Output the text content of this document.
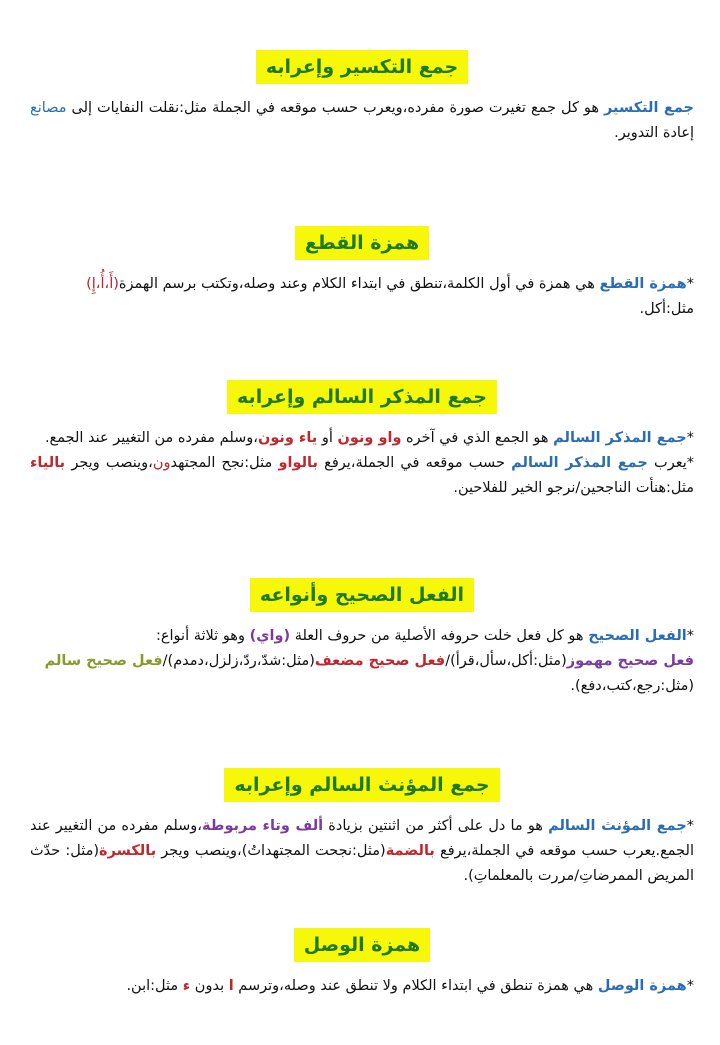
جمع التكسير وإعرابه

جمع التكسير هو كل جمع تغيرت صورة مفرده،ويعرب حسب موقعه في الجملة مثل:نقلت النفايات إلى مصانع إعادة التدوير.

همزة القطع

*همزة القطع هي همزة في أول الكلمة،تنطق في ابتداء الكلام وعند وصله،وتكتب برسم الهمزة(أَ،أُ،إِ)

مثل:أكل.

جمع المذكر السالم وإعرابه

*جمع المذكر السالم هو الجمع الذي في آخره واو ونون أو ياء ونون،وسلم مفرده من التغيير عند الجمع.

*يعرب جمع المذكر السالم حسب موقعه في الجملة،يرفع بالواو مثل:نجح المجتهدون،وينصب ويجر بالياء مثل:هنأت الناجحين/نرجو الخير للفلاحين.

الفعل الصحيح وأنواعه

*الفعل الصحيح هو كل فعل خلت حروفه الأصلية من حروف العلة (واي) وهو ثلاثة أنواع:

فعل صحيح مهموز(مثل:أكل،سأل،قرأ)/فعل صحيح مضعف(مثل:شدّ،ردّ،زلزل،دمدم)/فعل صحيح سالم

(مثل:رجع،كتب،دفع).

جمع المؤنث السالم وإعرابه

*جمع المؤنث السالم هو ما دل على أكثر من اثنتين بزيادة ألف وتاء مربوطة،وسلم مفرده من التغيير عند الجمع.يعرب حسب موقعه في الجملة،يرفع بالضمة(مثل:نجحت المجتهداتُ)،وينصب ويجر بالكسرة(مثل: حدّث المريض الممرضاتِ/مررت بالمعلماتِ).

همزة الوصل

*همزة الوصل هي همزة تنطق في ابتداء الكلام ولا تنطق عند وصله،وترسم ا بدون ء مثل:ابن.
